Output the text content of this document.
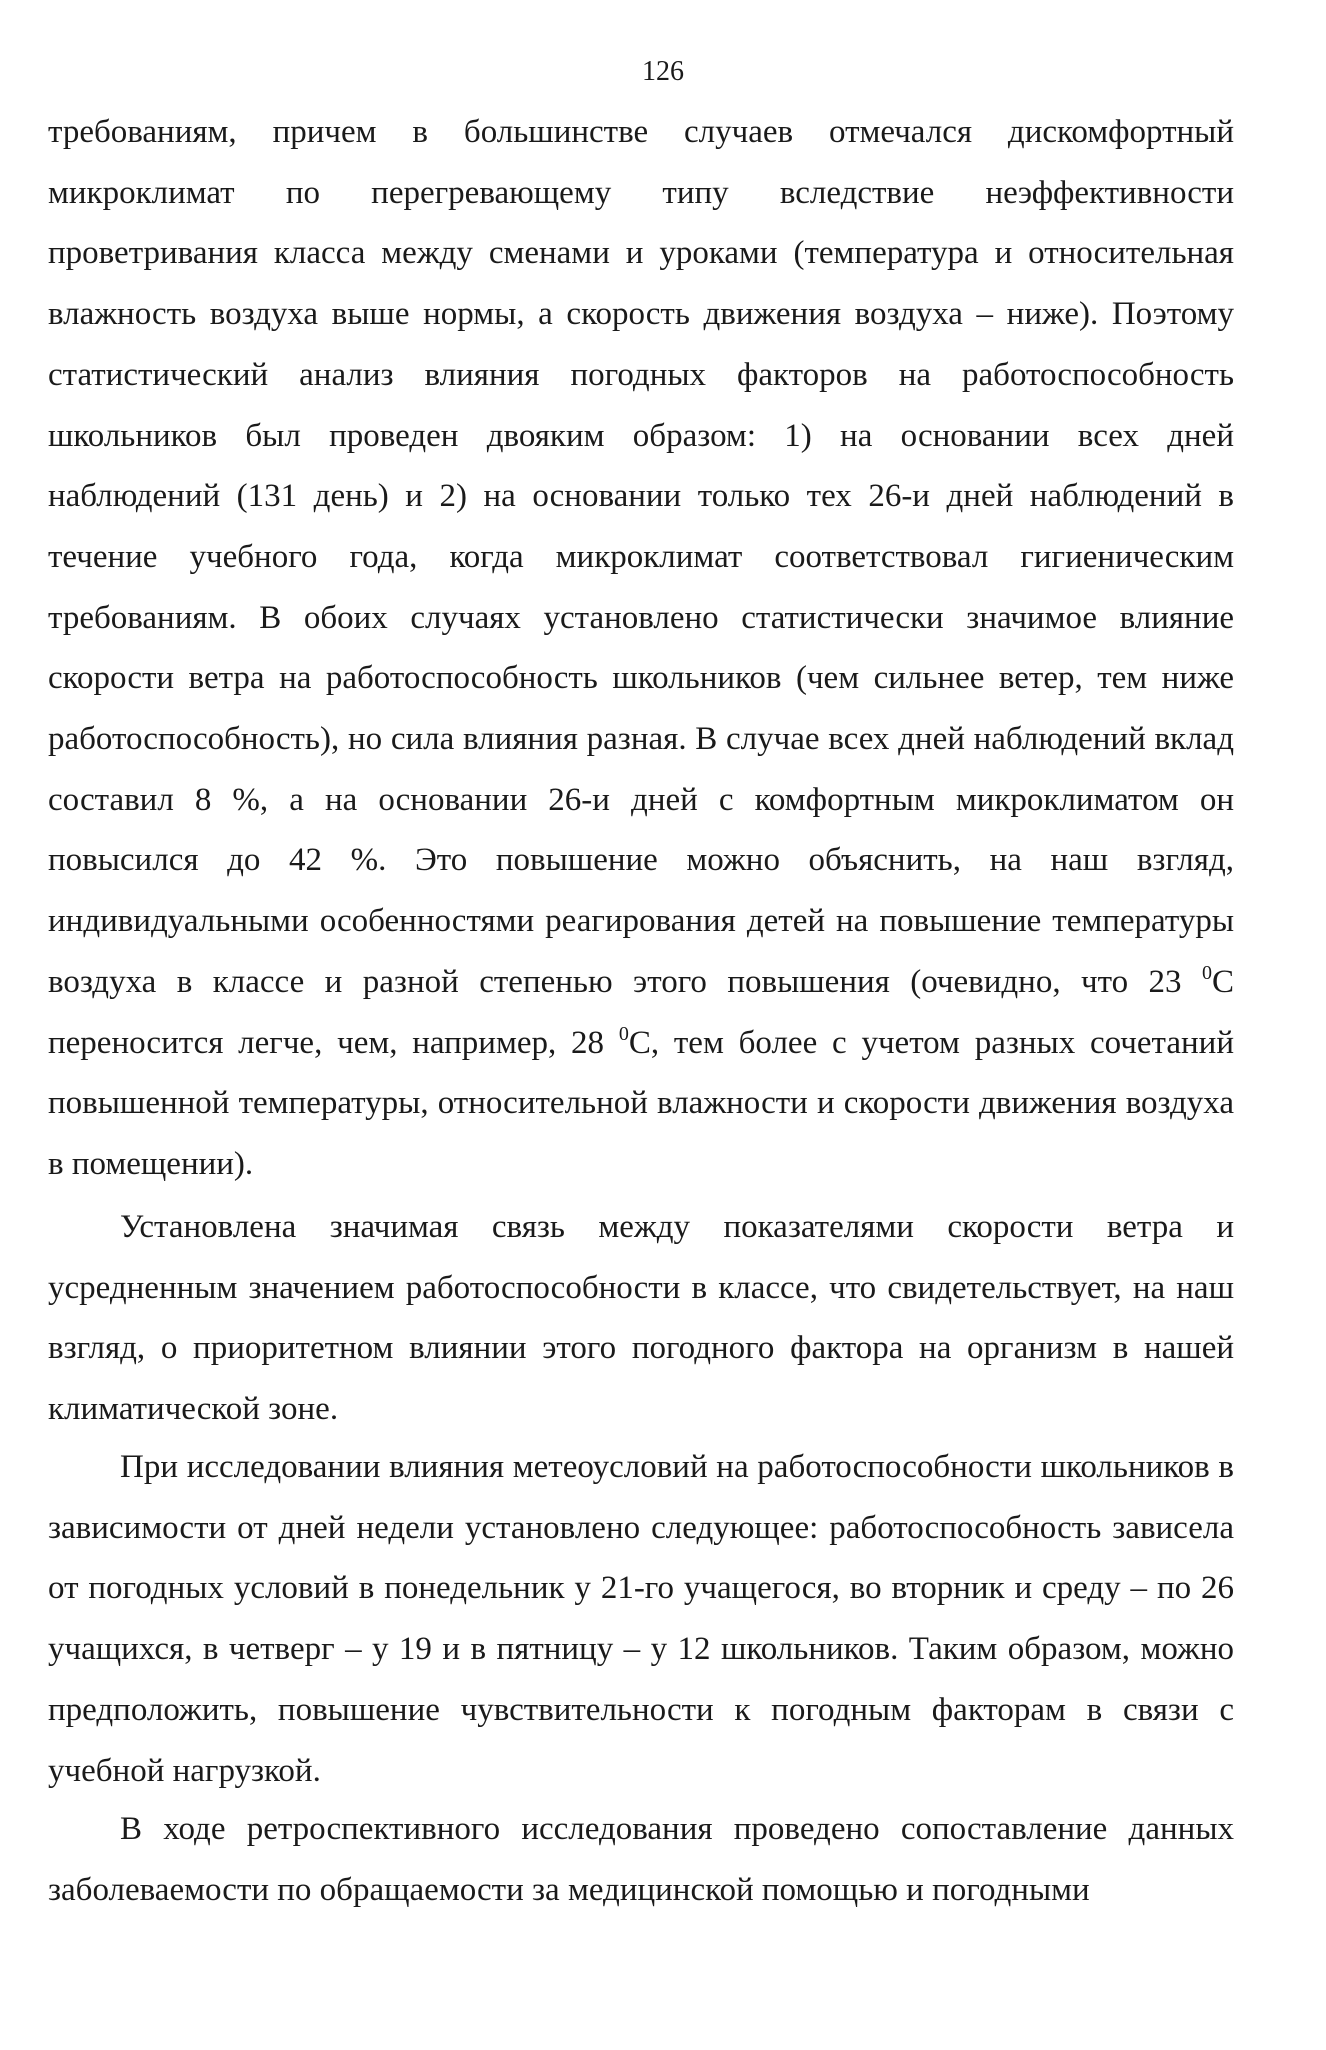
126

требованиям, причем в большинстве случаев отмечался дискомфортный микроклимат по перегревающему типу вследствие неэффективности проветривания класса между сменами и уроками (температура и относительная влажность воздуха выше нормы, а скорость движения воздуха – ниже). Поэтому статистический анализ влияния погодных факторов на работоспособность школьников был проведен двояким образом: 1) на основании всех дней наблюдений (131 день) и 2) на основании только тех 26-и дней наблюдений в течение учебного года, когда микроклимат соответствовал гигиеническим требованиям. В обоих случаях установлено статистически значимое влияние скорости ветра на работоспособность школьников (чем сильнее ветер, тем ниже работоспособность), но сила влияния разная. В случае всех дней наблюдений вклад составил 8 %, а на основании 26-и дней с комфортным микроклиматом он повысился до 42 %. Это повышение можно объяснить, на наш взгляд, индивидуальными особенностями реагирования детей на повышение температуры воздуха в классе и разной степенью этого повышения (очевидно, что 23 $^0$С переносится легче, чем, например, 28 $^0$С, тем более с учетом разных сочетаний повышенной температуры, относительной влажности и скорости движения воздуха в помещении).

Установлена значимая связь между показателями скорости ветра и усредненным значением работоспособности в классе, что свидетельствует, на наш взгляд, о приоритетном влиянии этого погодного фактора на организм в нашей климатической зоне.

При исследовании влияния метеоусловий на работоспособности школьников в зависимости от дней недели установлено следующее: работоспособность зависела от погодных условий в понедельник у 21-го учащегося, во вторник и среду – по 26 учащихся, в четверг – у 19 и в пятницу – у 12 школьников. Таким образом, можно предположить, повышение чувствительности к погодным факторам в связи с учебной нагрузкой.

В ходе ретроспективного исследования проведено сопоставление данных заболеваемости по обращаемости за медицинской помощью и погодными
